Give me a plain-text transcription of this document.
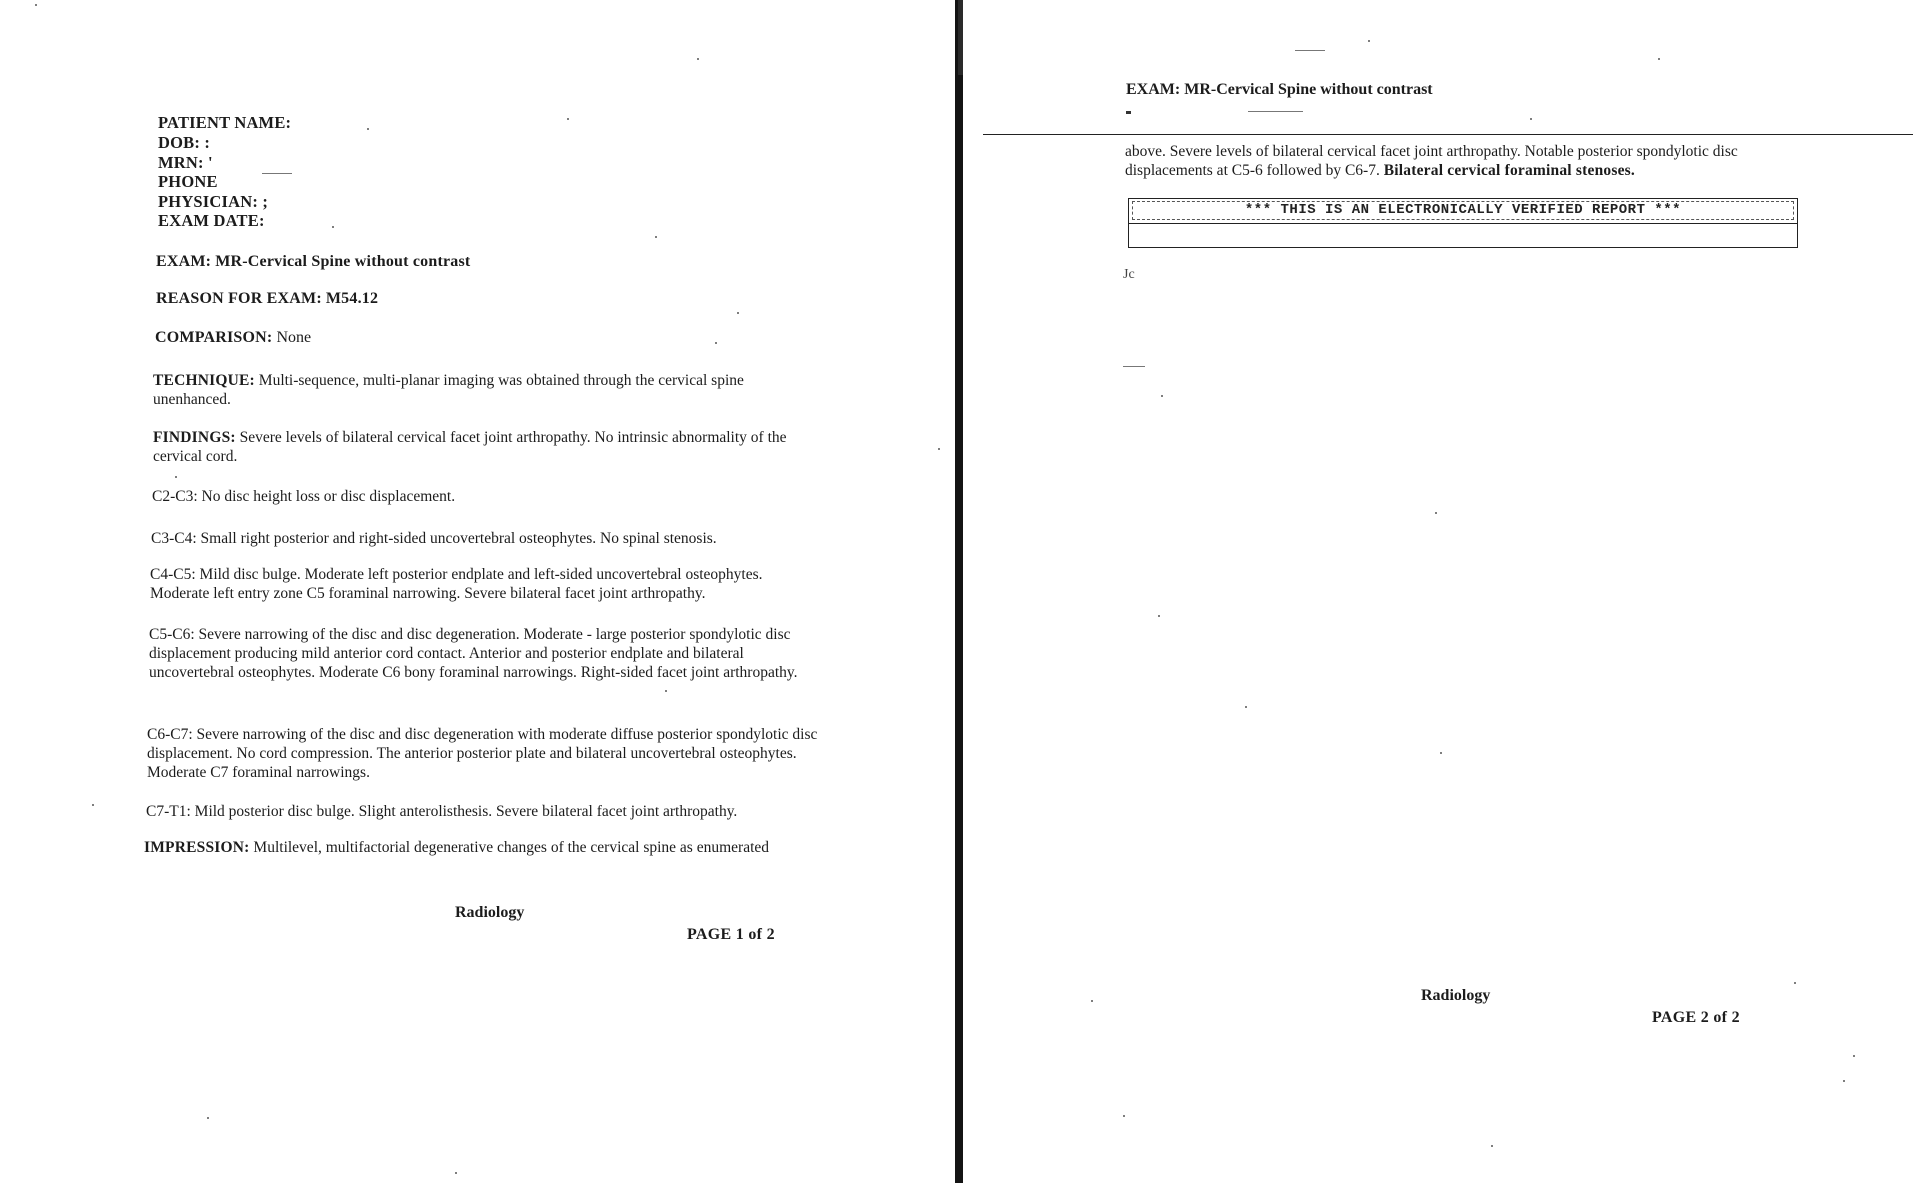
PATIENT NAME:
DOB: :
MRN: '
PHONE
PHYSICIAN: ;
EXAM DATE:
EXAM: MR-Cervical Spine without contrast
REASON FOR EXAM: M54.12
COMPARISON: None
TECHNIQUE: Multi-sequence, multi-planar imaging was obtained through the cervical spine unenhanced.
FINDINGS: Severe levels of bilateral cervical facet joint arthropathy. No intrinsic abnormality of the cervical cord.
C2-C3: No disc height loss or disc displacement.
C3-C4: Small right posterior and right-sided uncovertebral osteophytes. No spinal stenosis.
C4-C5: Mild disc bulge. Moderate left posterior endplate and left-sided uncovertebral osteophytes. Moderate left entry zone C5 foraminal narrowing. Severe bilateral facet joint arthropathy.
C5-C6: Severe narrowing of the disc and disc degeneration. Moderate - large posterior spondylotic disc displacement producing mild anterior cord contact. Anterior and posterior endplate and bilateral uncovertebral osteophytes. Moderate C6 bony foraminal narrowings. Right-sided facet joint arthropathy.
C6-C7: Severe narrowing of the disc and disc degeneration with moderate diffuse posterior spondylotic disc displacement. No cord compression. The anterior posterior plate and bilateral uncovertebral osteophytes. Moderate C7 foraminal narrowings.
C7-T1: Mild posterior disc bulge. Slight anterolisthesis. Severe bilateral facet joint arthropathy.
IMPRESSION: Multilevel, multifactorial degenerative changes of the cervical spine as enumerated
Radiology
PAGE 1 of 2
EXAM: MR-Cervical Spine without contrast
above. Severe levels of bilateral cervical facet joint arthropathy. Notable posterior spondylotic disc displacements at C5-6 followed by C6-7. Bilateral cervical foraminal stenoses.
*** THIS IS AN ELECTRONICALLY VERIFIED REPORT ***
Jc
Radiology
PAGE 2 of 2
